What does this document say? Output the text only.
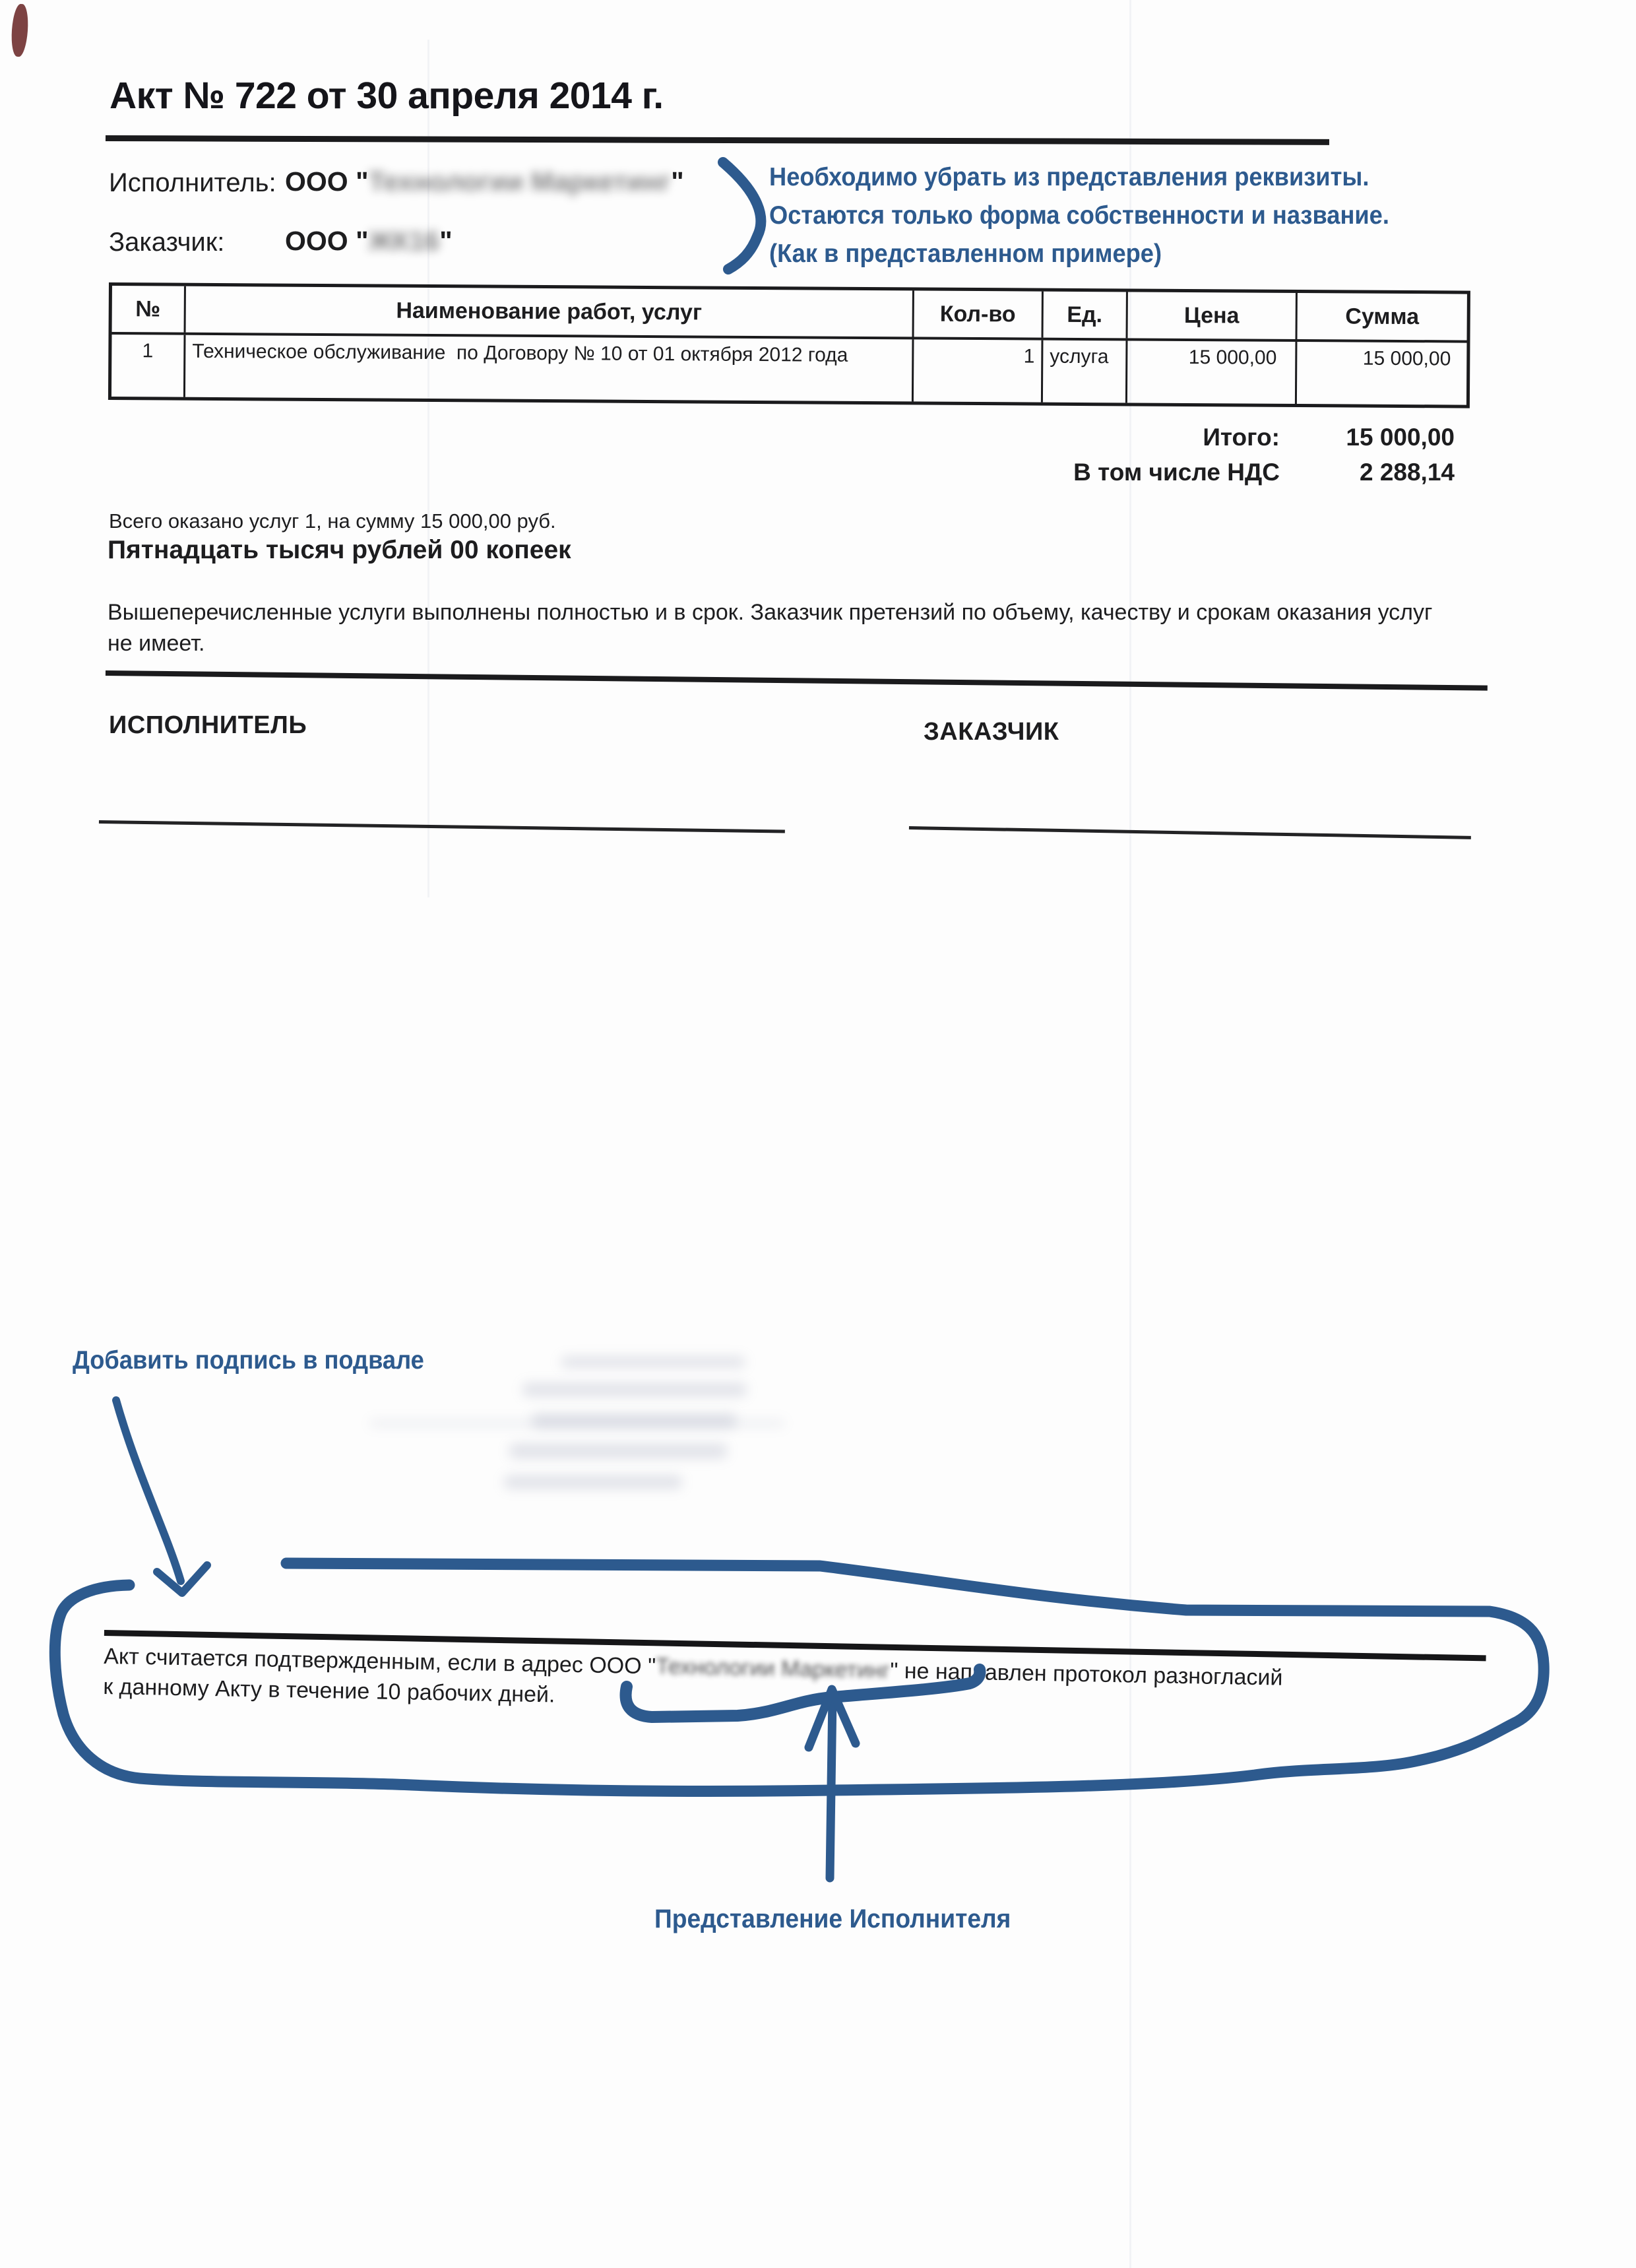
Акт № 722 от 30 апреля 2014 г.
Исполнитель: ООО "Технологии Маркетинг"
Заказчик: ООО "ЖК16"
Необходимо убрать из представления реквизиты.
Остаются только форма собственности и название.
(Как в представленном примере)
№	Наименование работ, услуг	Кол-во	Ед.	Цена	Сумма
1	Техническое обслуживание  по Договору № 10 от 01 октября 2012 года	1 услуга	15 000,00	15 000,00
Итого:	15 000,00
В том числе НДС	2 288,14
Всего оказано услуг 1, на сумму 15 000,00 руб.
Пятнадцать тысяч рублей 00 копеек
Вышеперечисленные услуги выполнены полностью и в срок. Заказчик претензий по объему, качеству и срокам оказания услуг не имеет.
ИСПОЛНИТЕЛЬ	ЗАКАЗЧИК
Добавить подпись в подвале
Акт считается подтвержденным, если в адрес ООО "Технологии Маркетинг" не направлен протокол разногласий
к данному Акту в течение 10 рабочих дней.
Представление Исполнителя
